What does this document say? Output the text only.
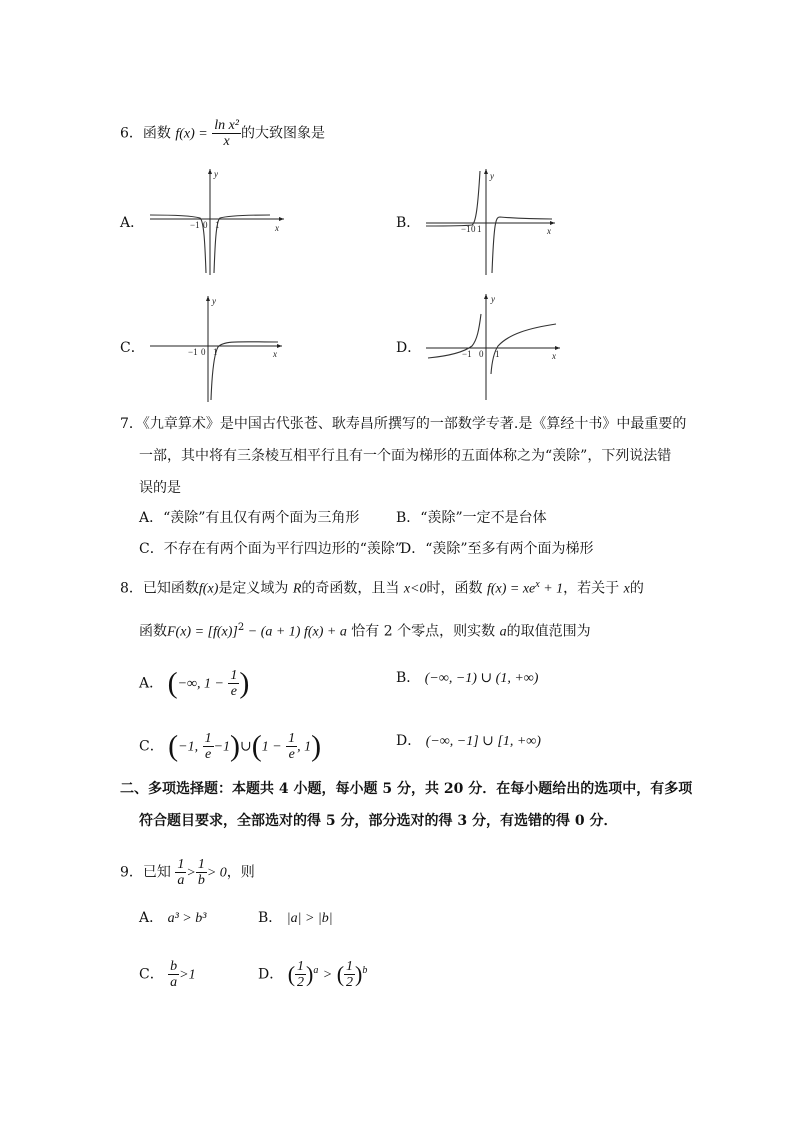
6．函数 $f(x) = \frac{\text{ln x²}}{x}$ 的大致图象是
A．
y
x
−1 0 1	B．
y
x
−1 0 1
C．
y
x
−1 0 1	D．
y
x
−1 0 1
7．《九章算术》是中国古代张苍、耿寿昌所撰写的一部数学专著.是《算经十书》中最重要的
一部，其中将有三条棱互相平行且有一个面为梯形的五面体称之为“羡除”，下列说法错
误的是
A．“羡除”有且仅有两个面为三角形	B．“羡除”一定不是台体
C．不存在有两个面为平行四边形的“羡除”
D．“羡除”至多有两个面为梯形
8．已知函数f(x)是定义域为 R的奇函数，且当 x<0时，函数 $f(x) = xe^x + 1$，若关于 x的
函数$F(x) = [f(x)]^2 - (a + 1) f(x) + a$ 恰有 2 个零点，则实数 a的取值范围为
A． (−∞, $1 - \frac{1}{e}$ )	B． (−∞, −1) ∪ (1, +∞)
C． (−1, $\frac{1}{e}$ −1)∪(1 − $\frac{1}{e}$ , 1)	D． (−∞, −1] ∪ [1, +∞)
二、多项选择题：本题共 4 小题，每小题 5 分，共 20 分．在每小题给出的选项中，有多项
符合题目要求，全部选对的得 5 分，部分选对的得 3 分，有选错的得 0 分．
9．已知 $\frac{1}{a} > \frac{1}{b} > 0$，则
A． a³ > b³	B． |a| > |b|
C． $\frac{b}{a} >1$	D． ( $\frac{1}{2} )^a$ > ( $\frac{1}{2} )^b$
